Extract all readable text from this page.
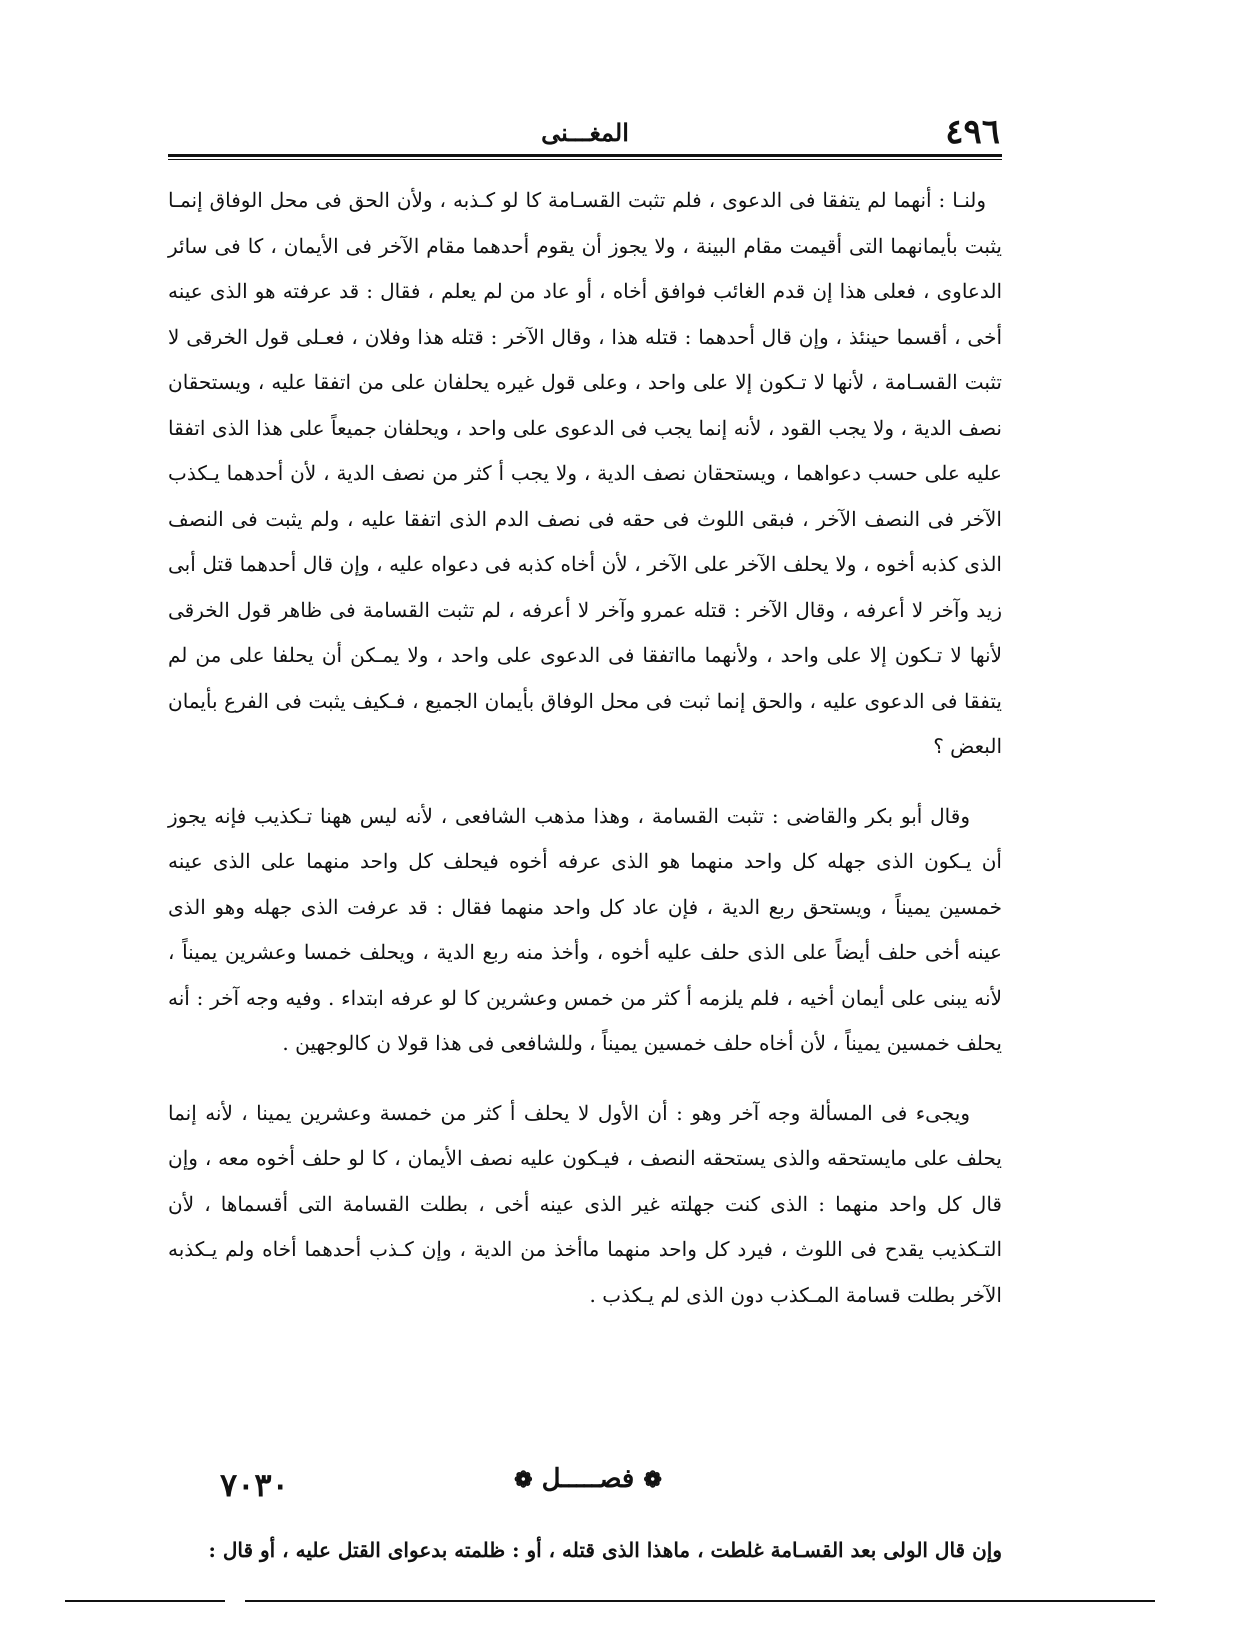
المغـــنى	٤٩٦

ولنـا : أنهما لم يتفقا فى الدعوى ، فلم تثبت القسـامة كا لو كـذبه ، ولأن الحق فى محل الوفاق إنمـا يثبت بأيمانهما التى أقيمت مقام البينة ، ولا يجوز أن يقوم أحدهما مقام الآخر فى الأيمان ، كا فى سائر الدعاوى ، فعلى هذا إن قدم الغائب فوافق أخاه ، أو عاد من لم يعلم ، فقال : قد عرفته هو الذى عينه أخى ، أقسما حينئذ ، وإن قال أحدهما : قتله هذا ، وقال الآخر : قتله هذا وفلان ، فعـلى قول الخرقى لا تثبت القسـامة ، لأنها لا تـكون إلا على واحد ، وعلى قول غيره يحلفان على من اتفقا عليه ، ويستحقان نصف الدية ، ولا يجب القود ، لأنه إنما يجب فى الدعوى على واحد ، ويحلفان جميعاً على هذا الذى اتفقا عليه على حسب دعواهما ، ويستحقان نصف الدية ، ولا يجب أ كثر من نصف الدية ، لأن أحدهما يـكذب الآخر فى النصف الآخر ، فبقى اللوث فى حقه فى نصف الدم الذى اتفقا عليه ، ولم يثبت فى النصف الذى كذبه أخوه ، ولا يحلف الآخر على الآخر ، لأن أخاه كذبه فى دعواه عليه ، وإن قال أحدهما قتل أبى زيد وآخر لا أعرفه ، وقال الآخر : قتله عمرو وآخر لا أعرفه ، لم تثبت القسامة فى ظاهر قول الخرقى لأنها لا تـكون إلا على واحد ، ولأنهما مااتفقا فى الدعوى على واحد ، ولا يمـكن أن يحلفا على من لم يتفقا فى الدعوى عليه ، والحق إنما ثبت فى محل الوفاق بأيمان الجميع ، فـكيف يثبت فى الفرع بأيمان البعض ؟

وقال أبو بكر والقاضى : تثبت القسامة ، وهذا مذهب الشافعى ، لأنه ليس ههنا تـكذيب فإنه يجوز أن يـكون الذى جهله كل واحد منهما هو الذى عرفه أخوه فيحلف كل واحد منهما على الذى عينه خمسين يميناً ، ويستحق ربع الدية ، فإن عاد كل واحد منهما فقال : قد عرفت الذى جهله وهو الذى عينه أخى حلف أيضاً على الذى حلف عليه أخوه ، وأخذ منه ربع الدية ، ويحلف خمسا وعشرين يميناً ، لأنه يبنى على أيمان أخيه ، فلم يلزمه أ كثر من خمس وعشرين كا لو عرفه ابتداء . وفيه وجه آخر : أنه يحلف خمسين يميناً ، لأن أخاه حلف خمسين يميناً ، وللشافعى فى هذا قولا ن كالوجهين .

ويجىء فى المسألة وجه آخر وهو : أن الأول لا يحلف أ كثر من خمسة وعشرين يمينا ، لأنه إنما يحلف على مايستحقه والذى يستحقه النصف ، فيـكون عليه نصف الأيمان ، كا لو حلف أخوه معه ، وإن قال كل واحد منهما : الذى كنت جهلته غير الذى عينه أخى ، بطلت القسامة التى أقسماها ، لأن التـكذيب يقدح فى اللوث ، فيرد كل واحد منهما ماأخذ من الدية ، وإن كـذب أحدهما أخاه ولم يـكذبه الآخر بطلت قسامة المـكذب دون الذى لم يـكذب .

❁ فصـــــل ❁
٧٠٣٠
وإن قال الولى بعد القسـامة غلطت ، ماهذا الذى قتله ، أو : ظلمته بدعواى القتل عليه ، أو قال :
